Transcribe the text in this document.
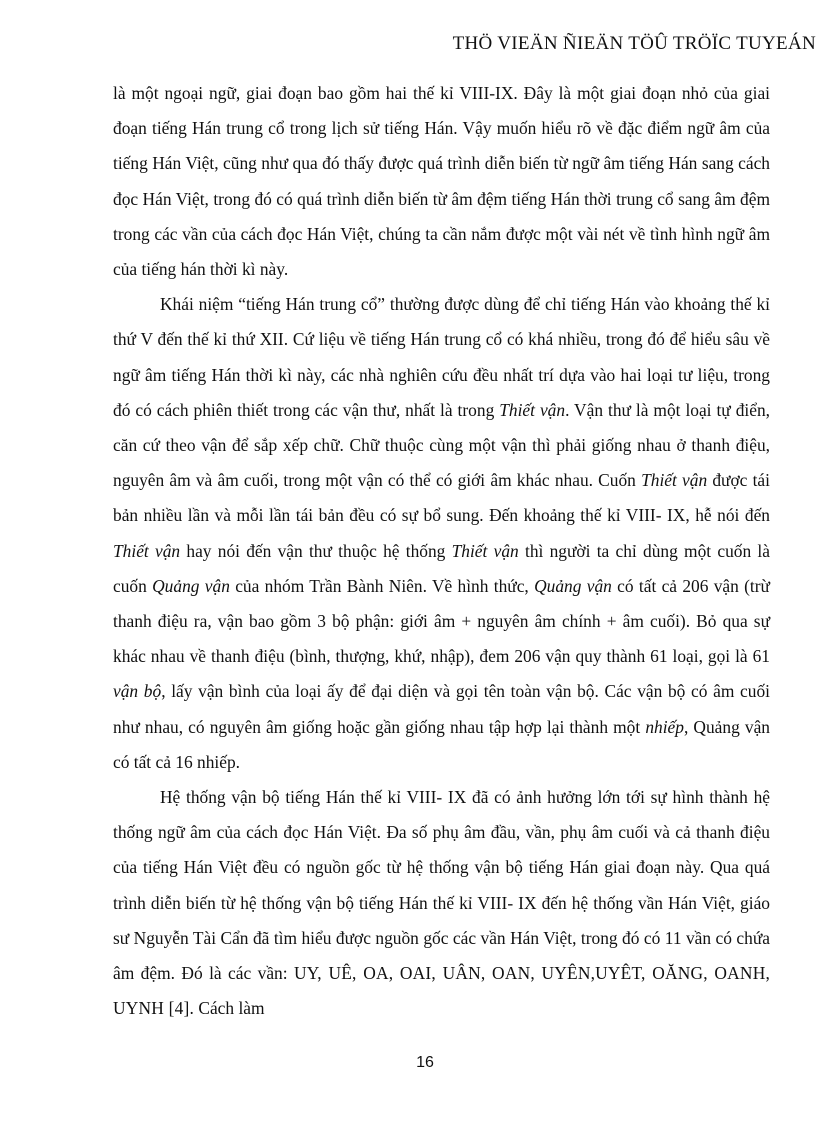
THÖ VIEÄN ÑIEÄN TÖÛ TRÖÏC TUYEÁN

là một ngoại ngữ, giai đoạn bao gồm hai thế kỉ VIII-IX. Đây là một giai đoạn nhỏ của giai đoạn tiếng Hán trung cổ trong lịch sử tiếng Hán. Vậy muốn hiểu rõ về đặc điểm ngữ âm của tiếng Hán Việt, cũng như qua đó thấy được quá trình diễn biến từ ngữ âm tiếng Hán sang cách đọc Hán Việt, trong đó có quá trình diễn biến từ âm đệm tiếng Hán thời trung cổ sang âm đệm trong các vần của cách đọc Hán Việt, chúng ta cần nắm được một vài nét về tình hình ngữ âm của tiếng hán thời kì này.

Khái niệm “tiếng Hán trung cổ” thường được dùng để chỉ tiếng Hán vào khoảng thế kỉ thứ V đến thế kỉ thứ XII. Cứ liệu về tiếng Hán trung cổ có khá nhiều, trong đó để hiểu sâu về ngữ âm tiếng Hán thời kì này, các nhà nghiên cứu đều nhất trí dựa vào hai loại tư liệu, trong đó có cách phiên thiết trong các vận thư, nhất là trong Thiết vận. Vận thư là một loại tự điển, căn cứ theo vận để sắp xếp chữ. Chữ thuộc cùng một vận thì phải giống nhau ở thanh điệu, nguyên âm và âm cuối, trong một vận có thể có giới âm khác nhau. Cuốn Thiết vận được tái bản nhiều lần và mỗi lần tái bản đều có sự bổ sung. Đến khoảng thế kỉ VIII- IX, hễ nói đến Thiết vận hay nói đến vận thư thuộc hệ thống Thiết vận thì người ta chỉ dùng một cuốn là cuốn Quảng vận của nhóm Trần Bành Niên. Về hình thức, Quảng vận có tất cả 206 vận (trừ thanh điệu ra, vận bao gồm 3 bộ phận: giới âm + nguyên âm chính + âm cuối). Bỏ qua sự khác nhau về thanh điệu (bình, thượng, khứ, nhập), đem 206 vận quy thành 61 loại, gọi là 61 vận bộ, lấy vận bình của loại ấy để đại diện và gọi tên toàn vận bộ. Các vận bộ có âm cuối như nhau, có nguyên âm giống hoặc gần giống nhau tập hợp lại thành một nhiếp, Quảng vận có tất cả 16 nhiếp.

Hệ thống vận bộ tiếng Hán thế kỉ VIII- IX đã có ảnh hưởng lớn tới sự hình thành hệ thống ngữ âm của cách đọc Hán Việt. Đa số phụ âm đầu, vần, phụ âm cuối và cả thanh điệu của tiếng Hán Việt đều có nguồn gốc từ hệ thống vận bộ tiếng Hán giai đoạn này. Qua quá trình diễn biến từ hệ thống vận bộ tiếng Hán thế kỉ VIII- IX đến hệ thống vần Hán Việt, giáo sư Nguyễn Tài Cẩn đã tìm hiểu được nguồn gốc các vần Hán Việt, trong đó có 11 vần có chứa âm đệm. Đó là các vần: UY, UÊ, OA, OAI, UÂN, OAN, UYÊN,UYÊT, OĂNG, OANH, UYNH [4]. Cách làm

16
